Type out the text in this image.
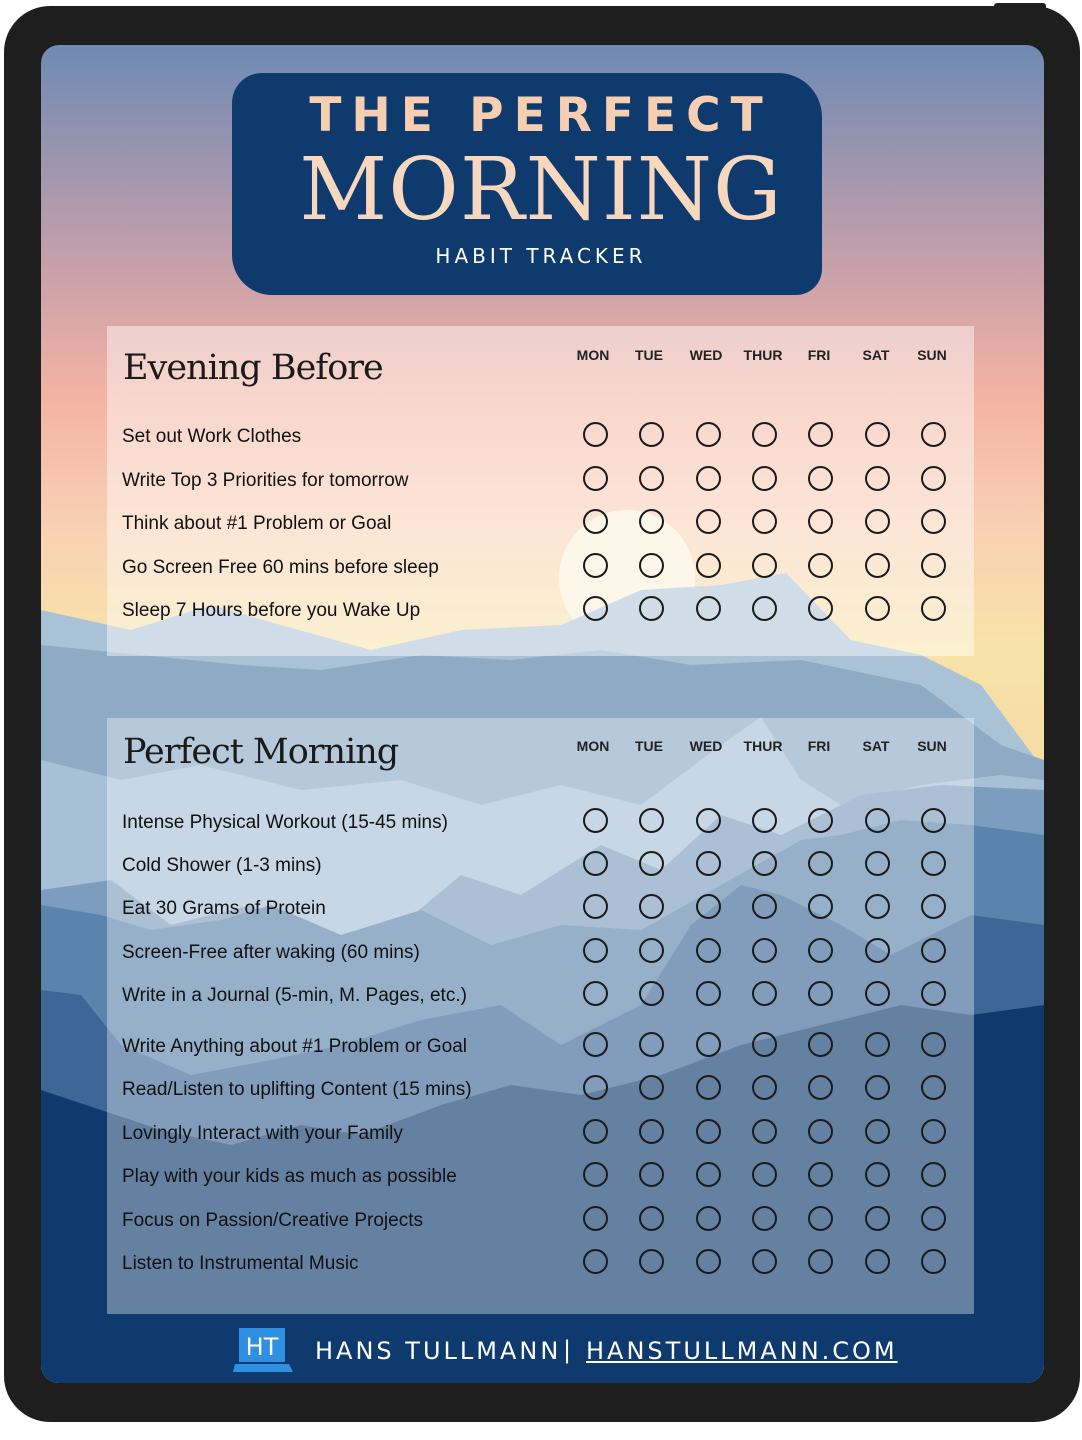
THE PERFECT
MORNING
HABIT TRACKER
Evening Before	MON	TUE	WED	THUR	FRI	SAT	SUN
Set out Work Clothes
Write Top 3 Priorities for tomorrow
Think about #1 Problem or Goal
Go Screen Free 60 mins before sleep
Sleep 7 Hours before you Wake Up
Perfect Morning	MON	TUE	WED	THUR	FRI	SAT	SUN
Intense Physical Workout (15-45 mins)
Cold Shower (1-3 mins)
Eat 30 Grams of Protein
Screen-Free after waking (60 mins)
Write in a Journal (5-min, M. Pages, etc.)
Write Anything about #1 Problem or Goal
Read/Listen to uplifting Content (15 mins)
Lovingly Interact with your Family
Play with your kids as much as possible
Focus on Passion/Creative Projects
Listen to Instrumental Music
HT HANS TULLMANN | HANSTULLMANN.COM
